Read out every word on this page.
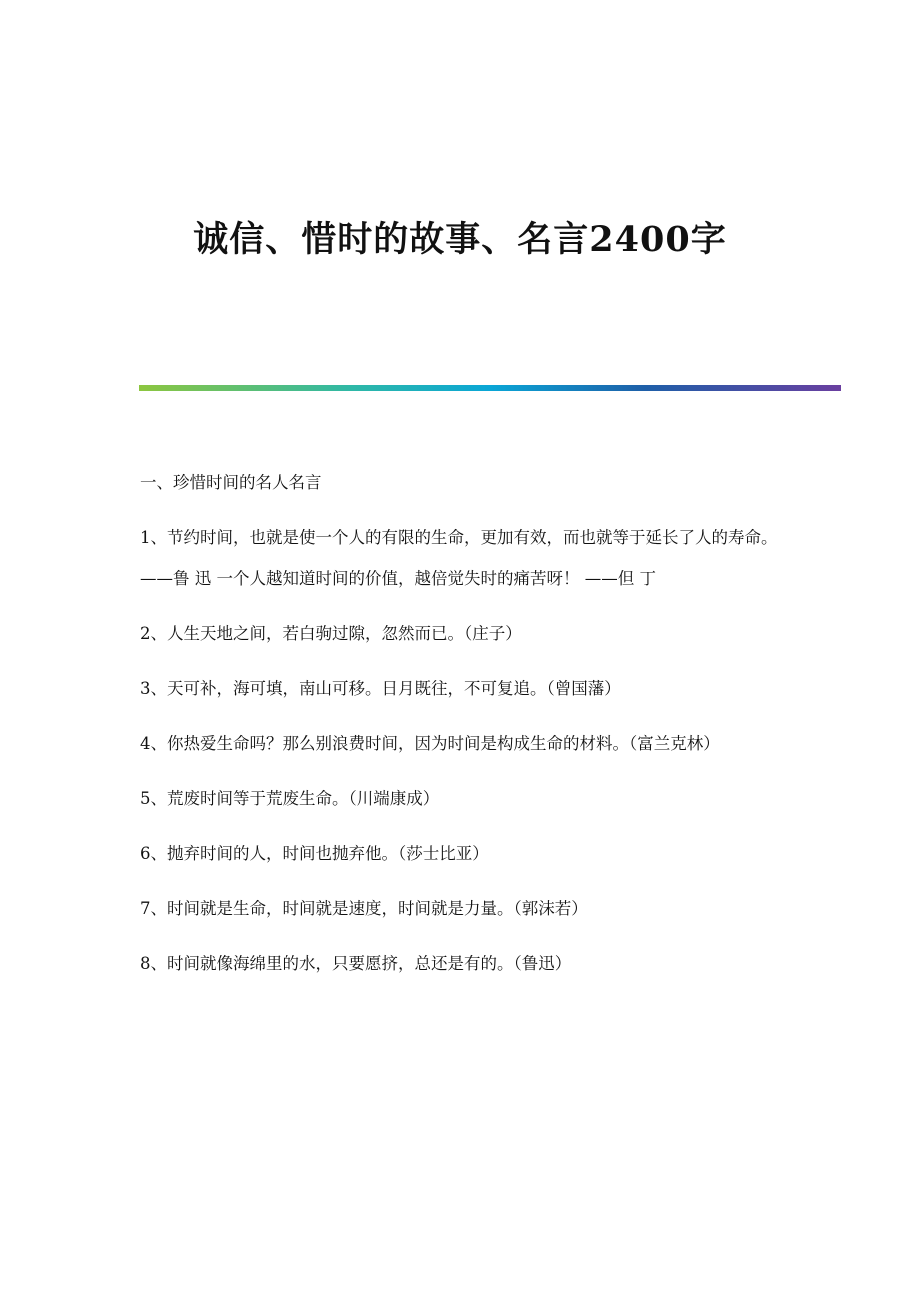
诚信、惜时的故事、名言2400字

一、珍惜时间的名人名言

1、节约时间，也就是使一个人的有限的生命，更加有效，而也就等于延长了人的寿命。 ——鲁 迅 一个人越知道时间的价值，越倍觉失时的痛苦呀！ ——但 丁

2、人生天地之间，若白驹过隙，忽然而已。（庄子）

3、天可补，海可填，南山可移。日月既往，不可复追。（曾国藩）

4、你热爱生命吗？那么别浪费时间，因为时间是构成生命的材料。（富兰克林）

5、荒废时间等于荒废生命。（川端康成）

6、抛弃时间的人，时间也抛弃他。（莎士比亚）

7、时间就是生命，时间就是速度，时间就是力量。（郭沫若）

8、时间就像海绵里的水，只要愿挤，总还是有的。（鲁迅）
